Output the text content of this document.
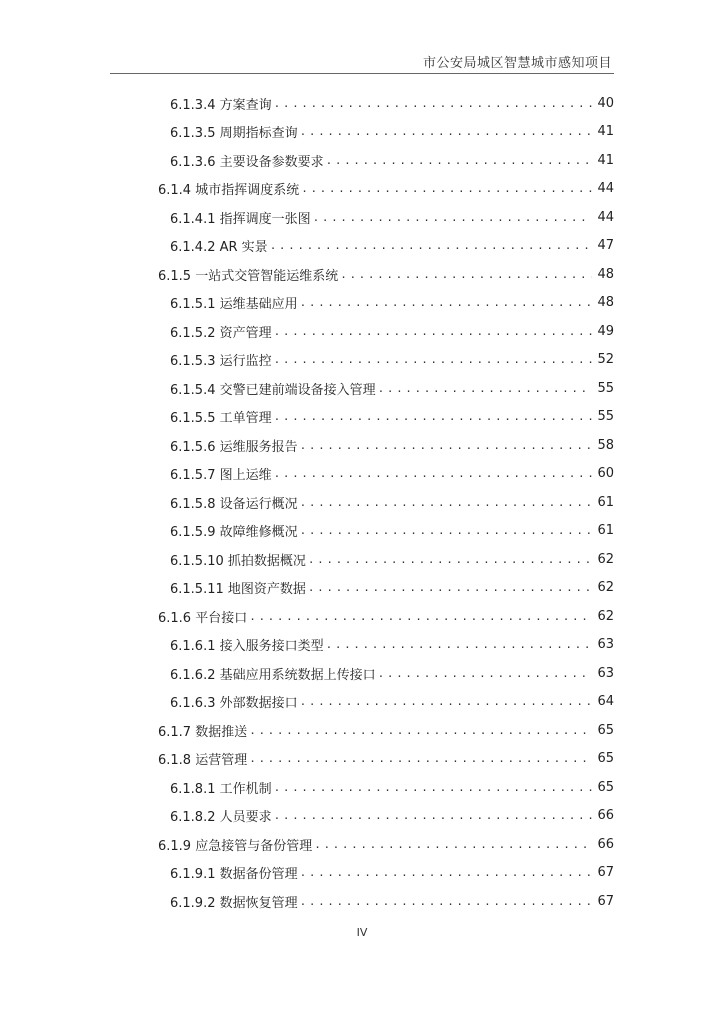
市公安局城区智慧城市感知项目
6.1.3.4 方案查询 .....	40
6.1.3.5 周期指标查询 .....	41
6.1.3.6 主要设备参数要求 .....	41
6.1.4 城市指挥调度系统 .....	44
6.1.4.1 指挥调度一张图 .....	44
6.1.4.2 AR 实景 .....	47
6.1.5 一站式交管智能运维系统 .....	48
6.1.5.1 运维基础应用 .....	48
6.1.5.2 资产管理 .....	49
6.1.5.3 运行监控 .....	52
6.1.5.4 交警已建前端设备接入管理 .....	55
6.1.5.5 工单管理 .....	55
6.1.5.6 运维服务报告 .....	58
6.1.5.7 图上运维 .....	60
6.1.5.8 设备运行概况 .....	61
6.1.5.9 故障维修概况 .....	61
6.1.5.10 抓拍数据概况 .....	62
6.1.5.11 地图资产数据 .....	62
6.1.6 平台接口 .....	62
6.1.6.1 接入服务接口类型 .....	63
6.1.6.2 基础应用系统数据上传接口 .....	63
6.1.6.3 外部数据接口 .....	64
6.1.7 数据推送 .....	65
6.1.8 运营管理 .....	65
6.1.8.1 工作机制 .....	65
6.1.8.2 人员要求 .....	66
6.1.9 应急接管与备份管理 .....	66
6.1.9.1 数据备份管理 .....	67
6.1.9.2 数据恢复管理 .....	67
IV
